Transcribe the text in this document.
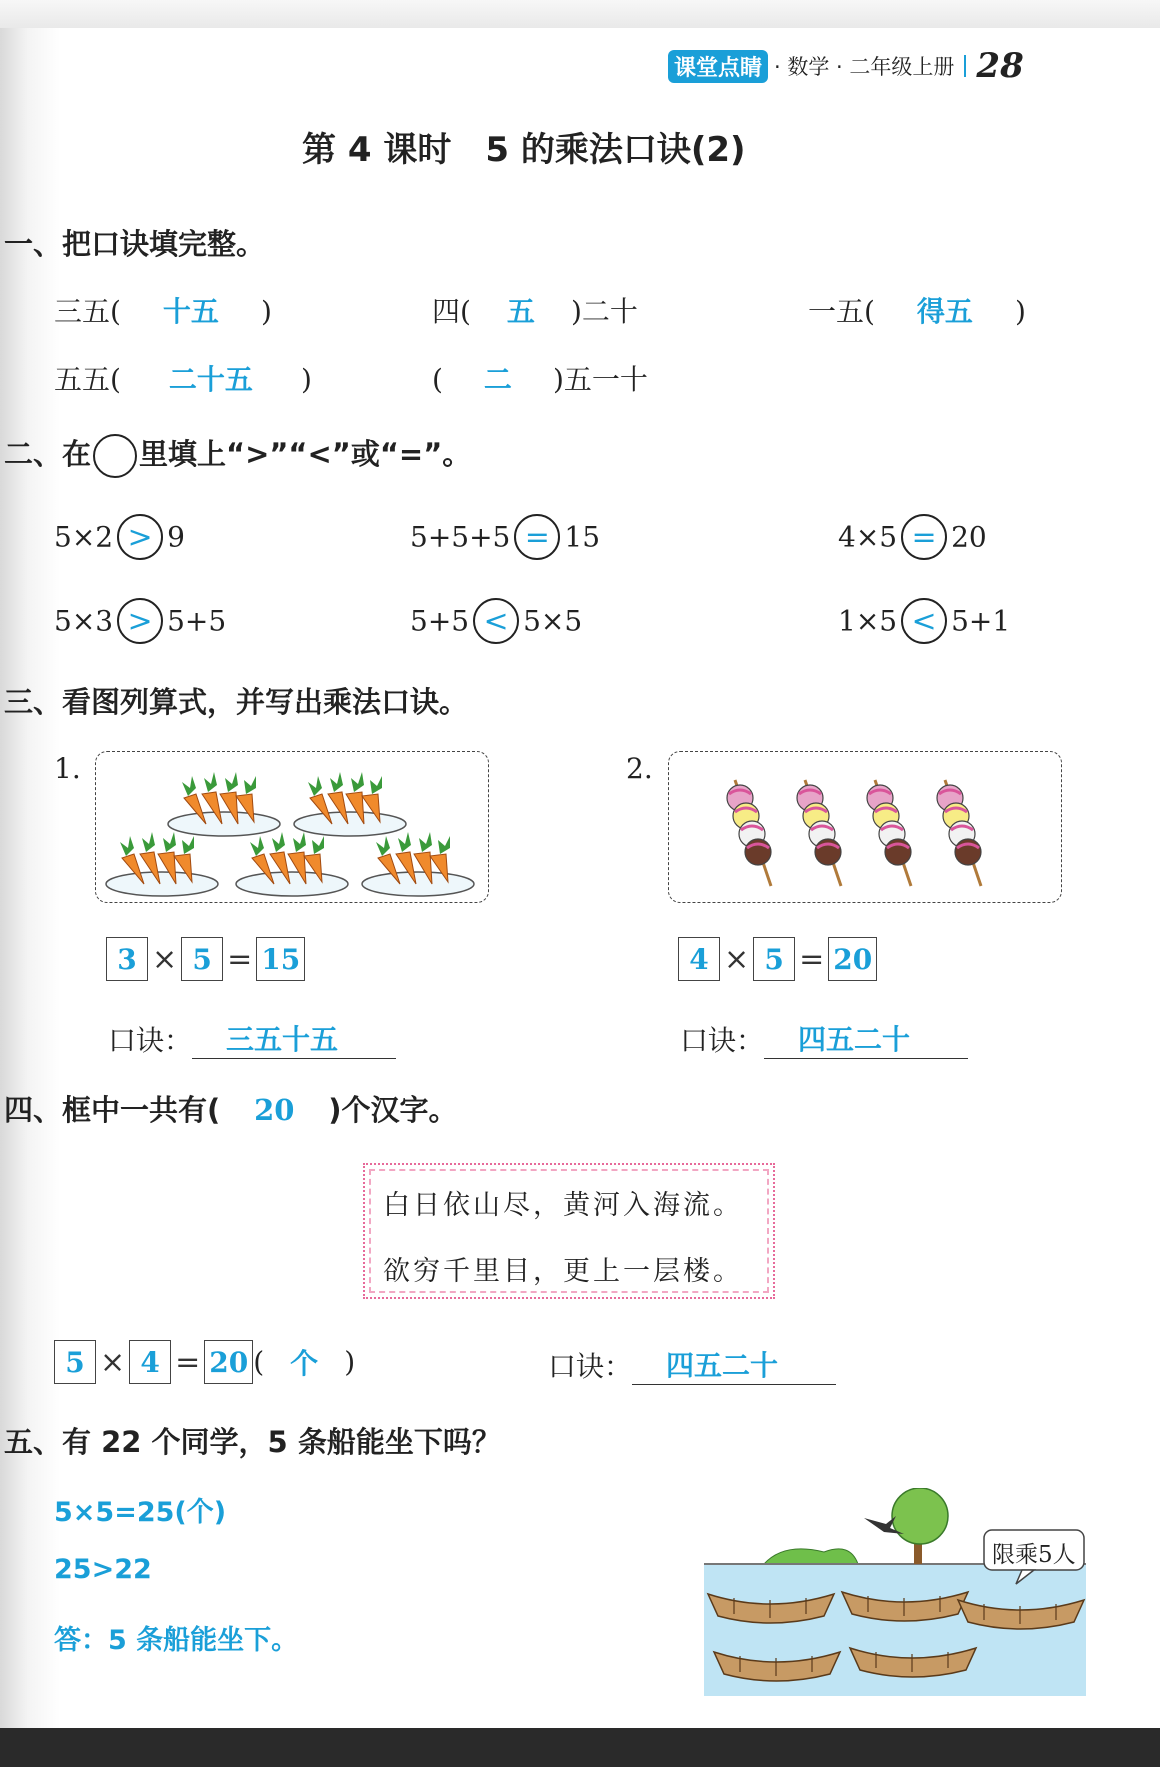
课堂点睛 · 数学 · 二年级上册 28
第 4 课时　5 的乘法口诀(2)
一、把口诀填完整。
三五( 十五 )	四( 五 )二十	一五( 得五 )
五五( 二十五 )	( 二 )五一十
二、在 里填上“>”“<”或“=”。
5×2 > 9	5+5+5 = 15	4×5 = 20
5×3 > 5+5	5+5 < 5×5	1×5 < 5+1
三、看图列算式，并写出乘法口诀。
1.	2.
3 × 5 = 15
口诀： 三五十五
4 × 5 = 20
口诀： 四五二十
四、框中一共有( 20 )个汉字。
白日依山尽，黄河入海流。
欲穷千里目，更上一层楼。
5 × 4 = 20 ( 个 )	口诀： 四五二十
五、有 22 个同学，5 条船能坐下吗？
5×5=25(个)
25>22
答：5 条船能坐下。
限乘5人
